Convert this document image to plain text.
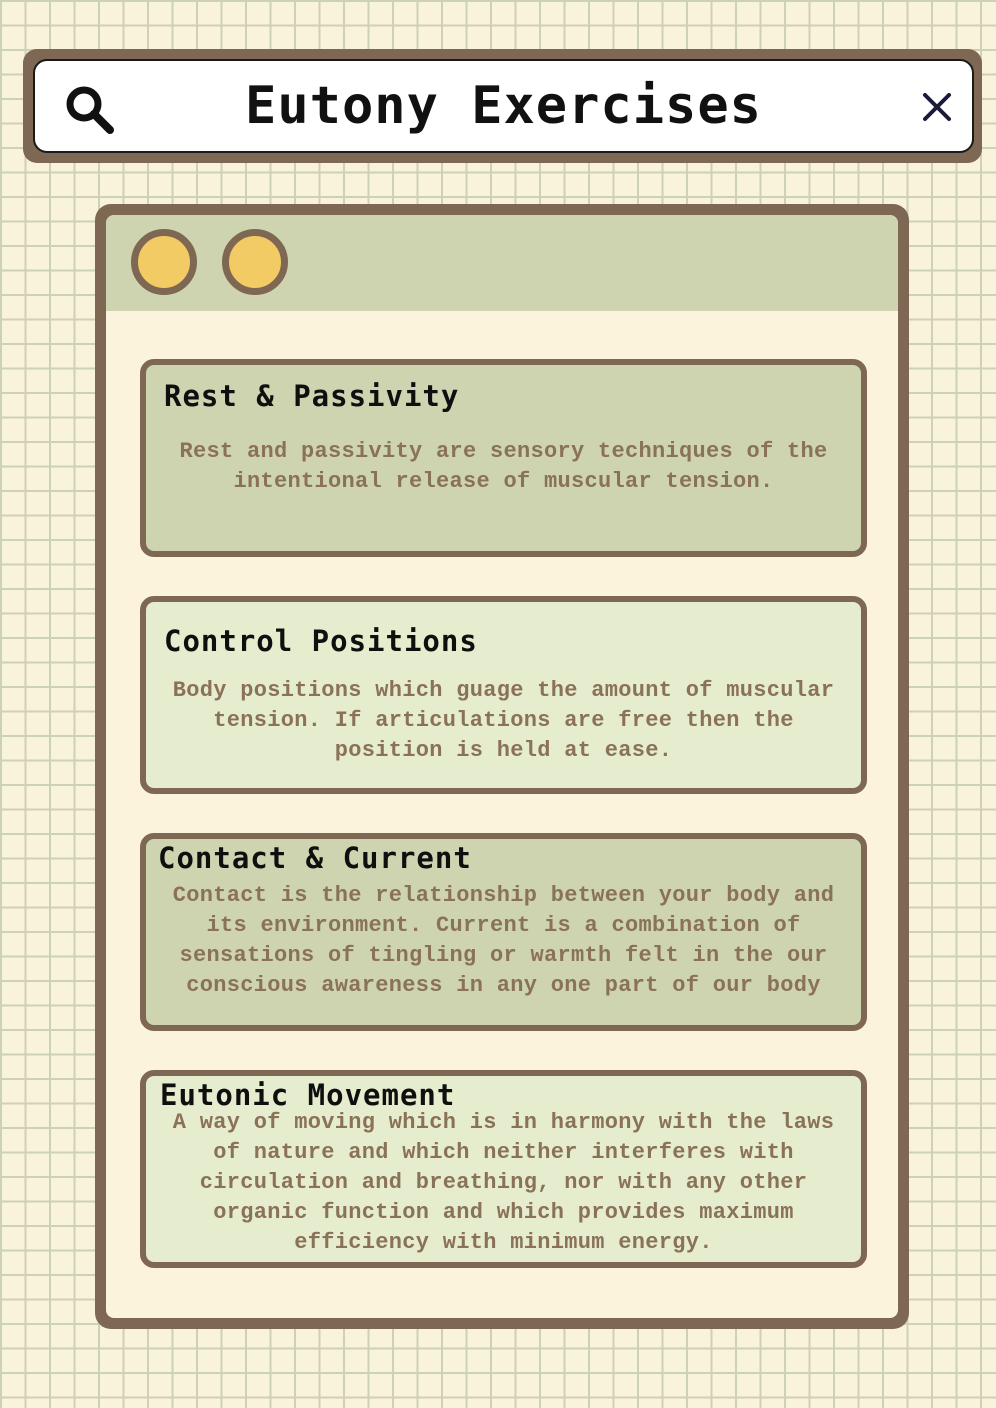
Eutony Exercises
Rest & Passivity

Rest and passivity are sensory techniques of the intentional release of muscular tension.

Control Positions

Body positions which guage the amount of muscular tension. If articulations are free then the position is held at ease.

Contact & Current

Contact is the relationship between your body and its environment. Current is a combination of sensations of tingling or warmth felt in the our conscious awareness in any one part of our body

Eutonic Movement

A way of moving which is in harmony with the laws of nature and which neither interferes with circulation and breathing, nor with any other organic function and which provides maximum efficiency with minimum energy.
